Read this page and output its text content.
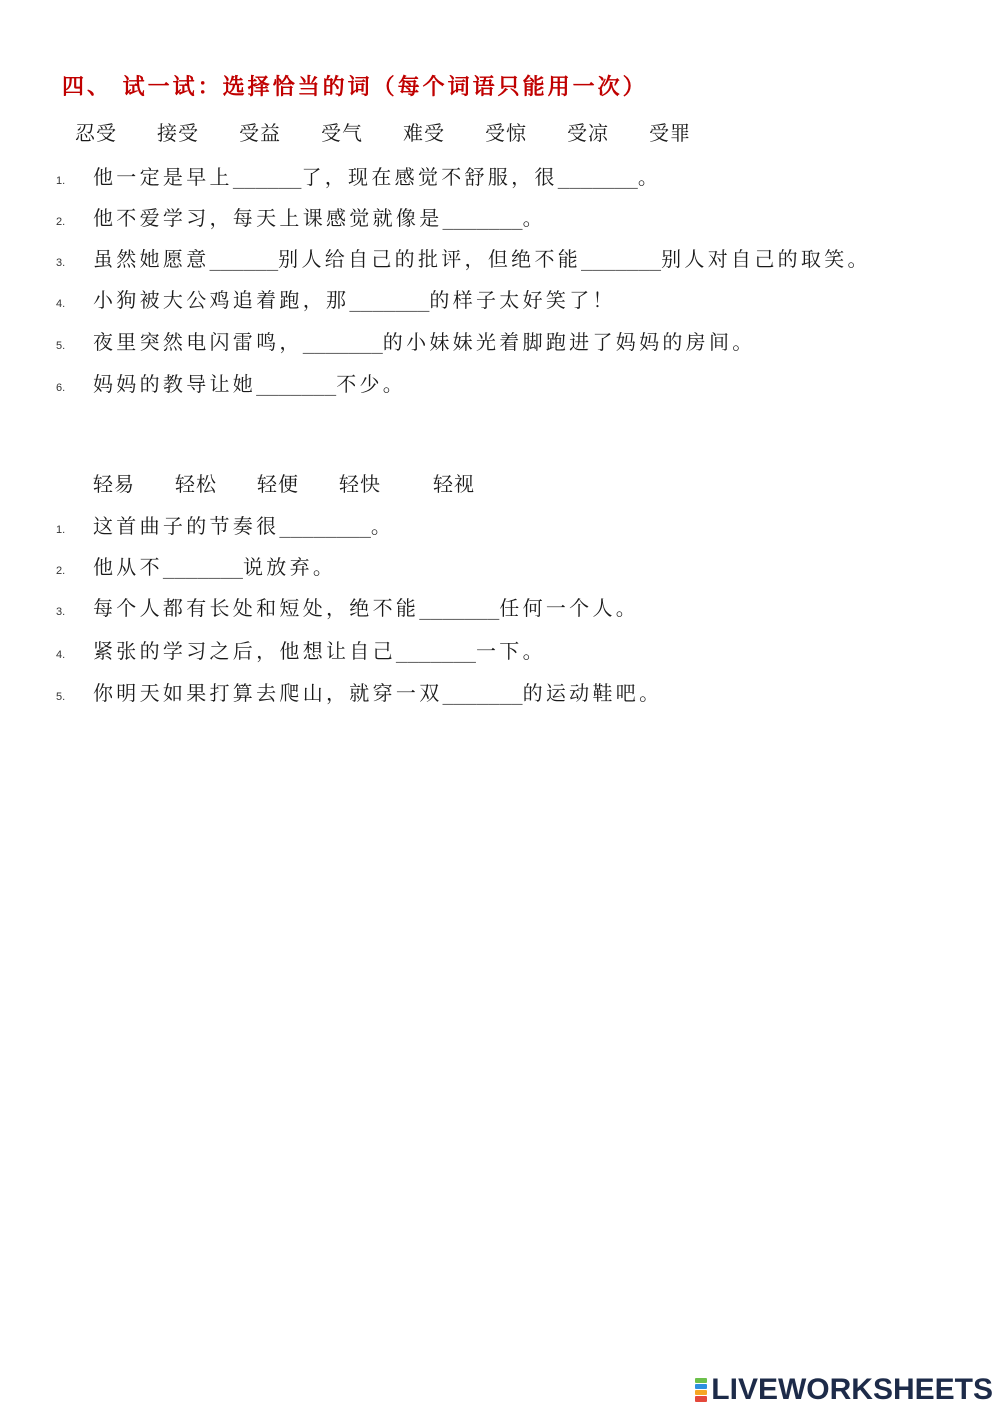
四、 试一试：选择恰当的词（每个词语只能用一次）
忍受 接受 受益 受气 难受 受惊 受凉 受罪
1. 他一定是早上______了，现在感觉不舒服，很_______。
2. 他不爱学习，每天上课感觉就像是_______。
3. 虽然她愿意______别人给自己的批评，但绝不能_______别人对自己的取笑。
4. 小狗被大公鸡追着跑，那_______的样子太好笑了！
5. 夜里突然电闪雷鸣，_______的小妹妹光着脚跑进了妈妈的房间。
6. 妈妈的教导让她_______不少。
轻易 轻松 轻便 轻快	轻视
1. 这首曲子的节奏很________。
2. 他从不_______说放弃。
3. 每个人都有长处和短处，绝不能_______任何一个人。
4. 紧张的学习之后，他想让自己_______一下。
5. 你明天如果打算去爬山，就穿一双_______的运动鞋吧。
LIVEWORKSHEETS
